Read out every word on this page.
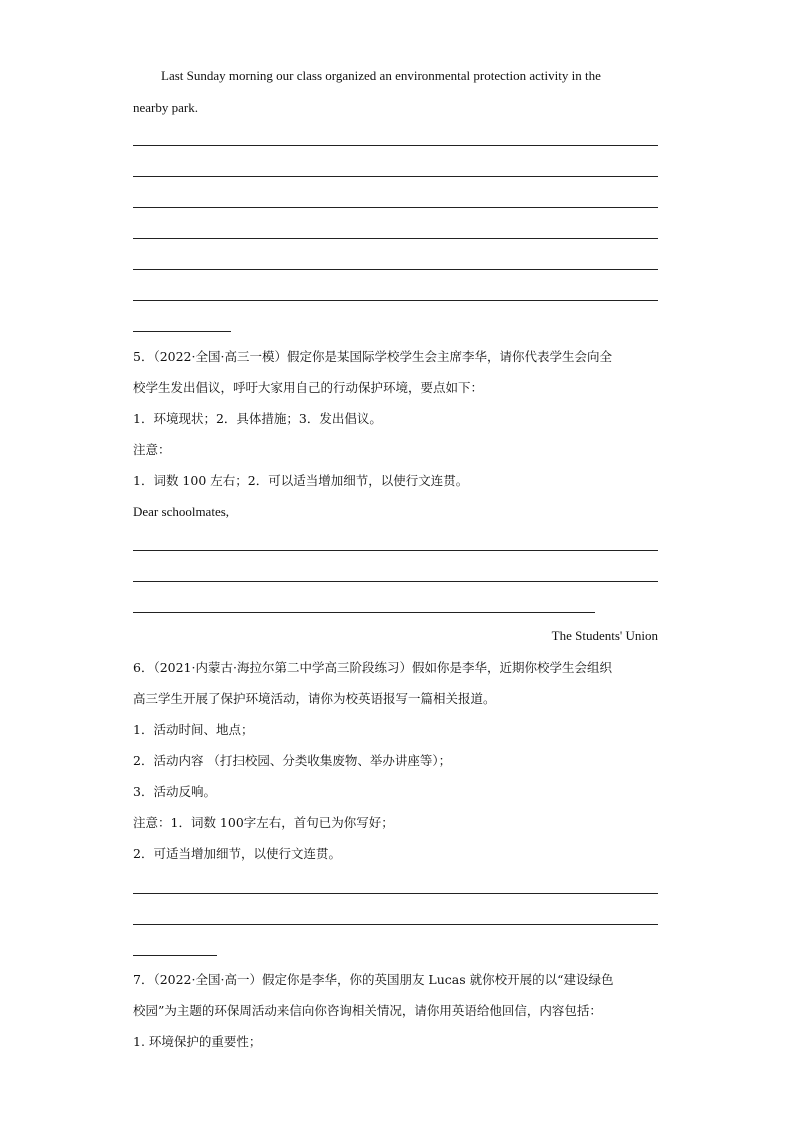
Last Sunday morning our class organized an environmental protection activity in the
nearby park.
5．（2022·全国·高三一模）假定你是某国际学校学生会主席李华，请你代表学生会向全
校学生发出倡议，呼吁大家用自己的行动保护环境，要点如下：
1．环境现状；2．具体措施；3．发出倡议。
注意：
1．词数 100 左右；2．可以适当增加细节，以使行文连贯。
Dear schoolmates,
The Students' Union
6．（2021·内蒙古·海拉尔第二中学高三阶段练习）假如你是李华，近期你校学生会组织
高三学生开展了保护环境活动，请你为校英语报写一篇相关报道。
1．活动时间、地点；
2．活动内容 （打扫校园、分类收集废物、举办讲座等）；
3．活动反响。
注意：1．词数 100字左右，首句已为你写好；
2．可适当增加细节，以使行文连贯。
7．（2022·全国·高一）假定你是李华，你的英国朋友 Lucas 就你校开展的以“建设绿色
校园”为主题的环保周活动来信向你咨询相关情况，请你用英语给他回信，内容包括：
1. 环境保护的重要性；
